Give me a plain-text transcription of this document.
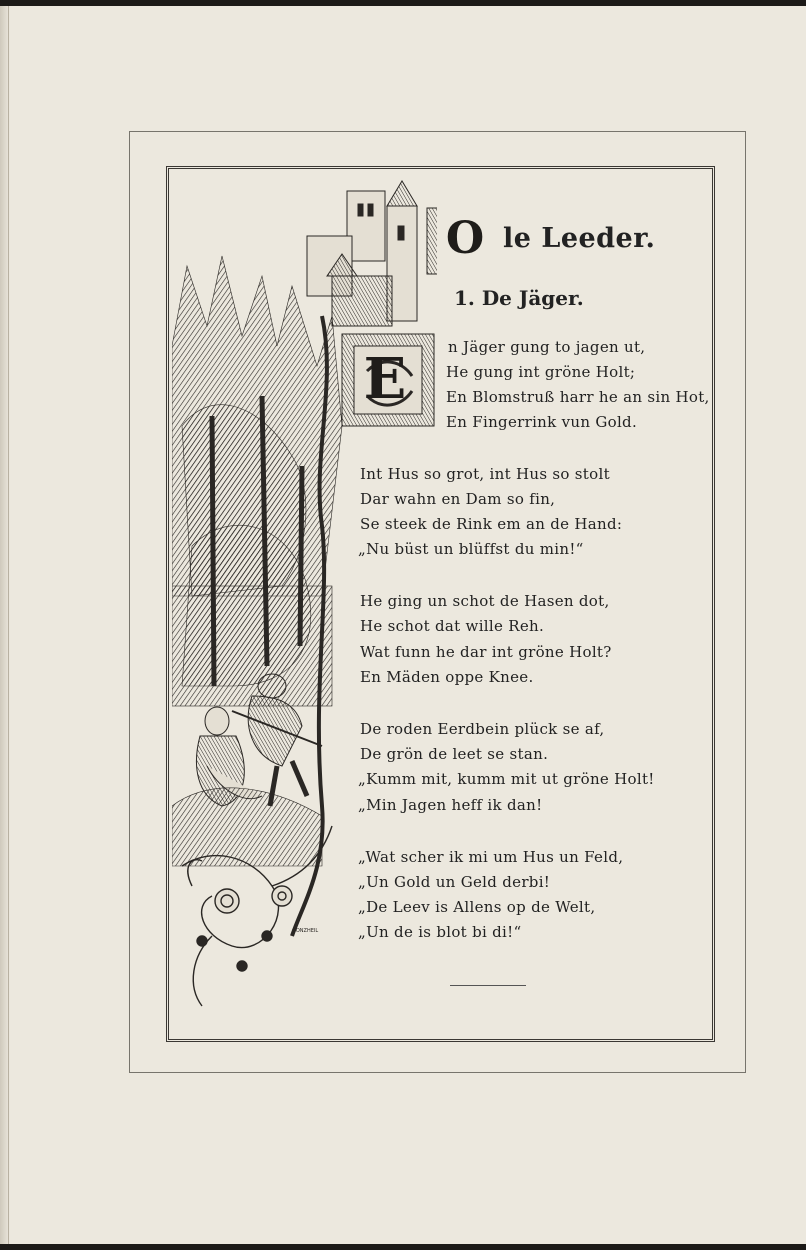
GONZHEIL
O le Leeder.
1. De Jäger.
E	n Jäger gung to jagen ut,
He gung int gröne Holt;
En Blomstruß harr he an sin Hot,
En Fingerrink vun Gold.
Int Hus so grot, int Hus so stolt
Dar wahn en Dam so fin,
Se steek de Rink em an de Hand:
„Nu büst un blüffst du min!“
He ging un schot de Hasen dot,
He schot dat wille Reh.
Wat funn he dar int gröne Holt?
En Mäden oppe Knee.
De roden Eerdbein plück se af,
De grön de leet se stan.
„Kumm mit, kumm mit ut gröne Holt!
„Min Jagen heff ik dan!
„Wat scher ik mi um Hus un Feld,
„Un Gold un Geld derbi!
„De Leev is Allens op de Welt,
„Un de is blot bi di!“
